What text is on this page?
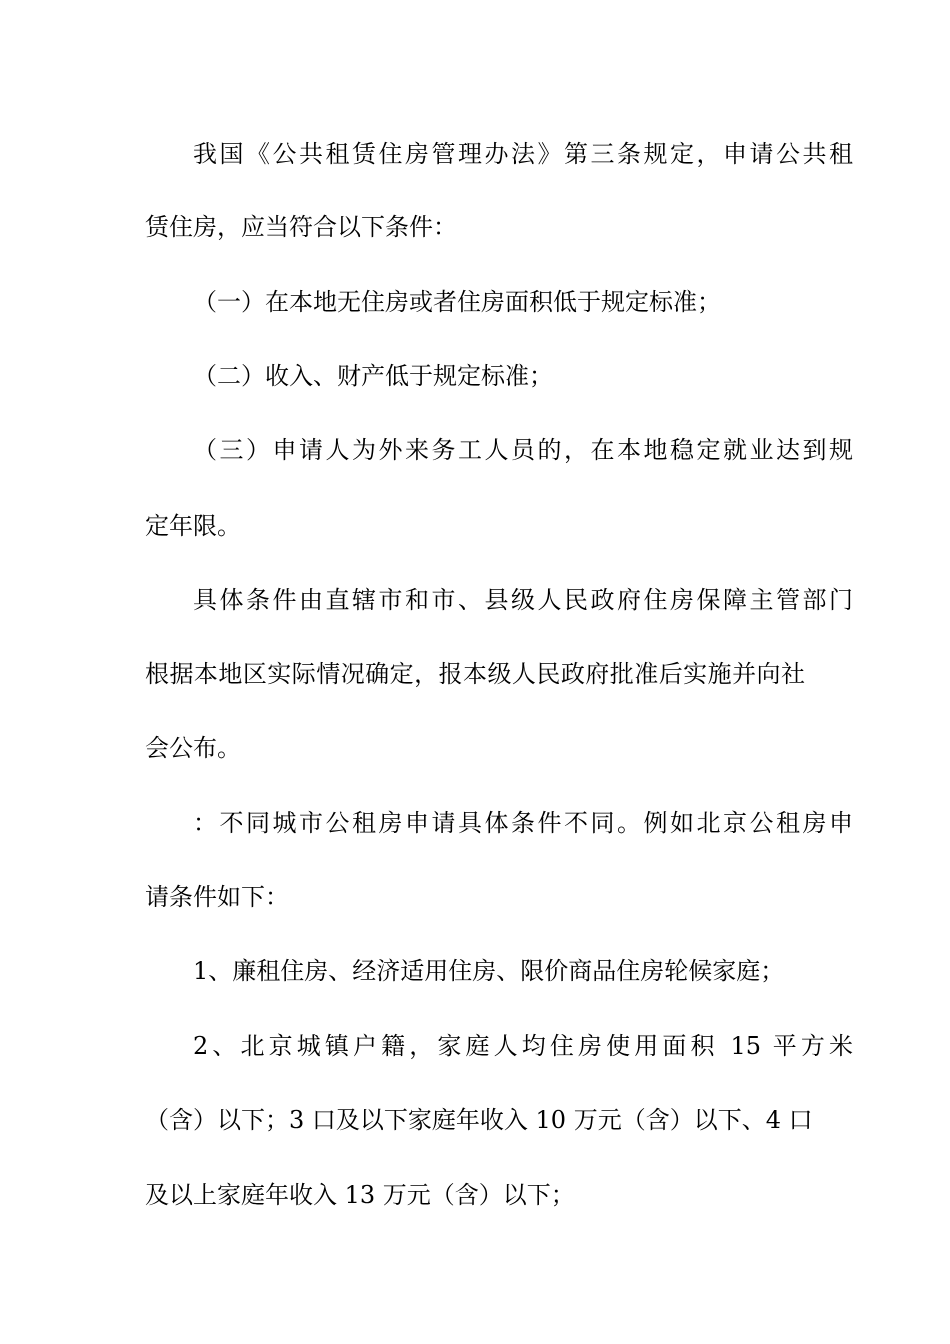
我国《公共租赁住房管理办法》第三条规定，申请公共租
赁住房，应当符合以下条件：
（一）在本地无住房或者住房面积低于规定标准；
（二）收入、财产低于规定标准；
（三）申请人为外来务工人员的，在本地稳定就业达到规
定年限。
具体条件由直辖市和市、县级人民政府住房保障主管部门
根据本地区实际情况确定，报本级人民政府批准后实施并向社
会公布。
：不同城市公租房申请具体条件不同。例如北京公租房申
请条件如下：
1、廉租住房、经济适用住房、限价商品住房轮候家庭；
2、北京城镇户籍，家庭人均住房使用面积 15 平方米
（含）以下；3 口及以下家庭年收入 10 万元（含）以下、4 口
及以上家庭年收入 13 万元（含）以下；
